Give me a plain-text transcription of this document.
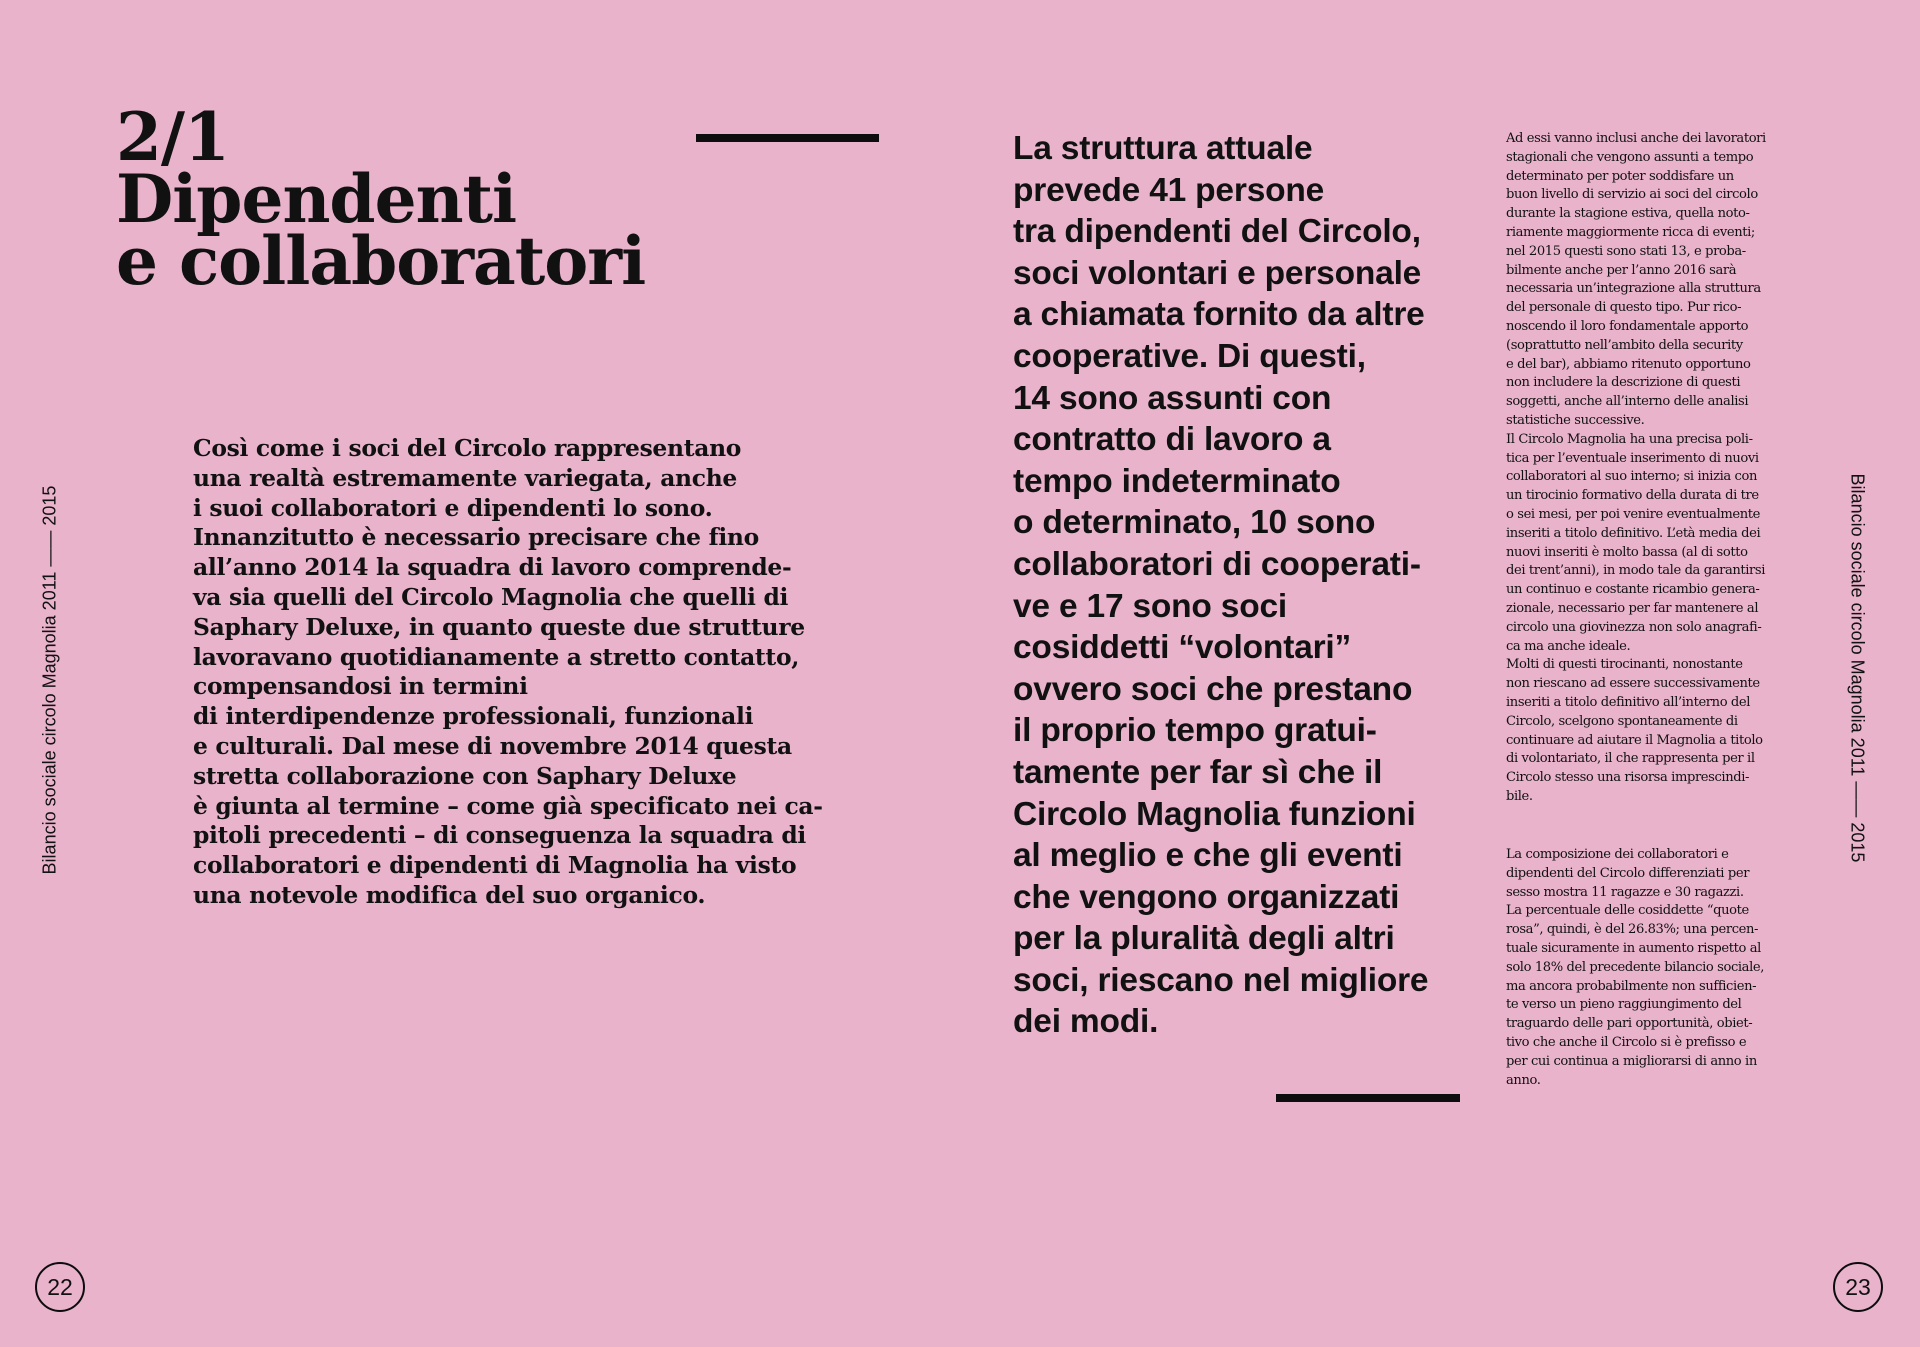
2/1
Dipendenti
e collaboratori

Così come i soci del Circolo rappresentano
una realtà estremamente variegata, anche
i suoi collaboratori e dipendenti lo sono.
Innanzitutto è necessario precisare che fino
all’anno 2014 la squadra di lavoro comprende-
va sia quelli del Circolo Magnolia che quelli di
Saphary Deluxe, in quanto queste due strutture
lavoravano quotidianamente a stretto contatto,
compensandosi in termini
di interdipendenze professionali, funzionali
e culturali. Dal mese di novembre 2014 questa
stretta collaborazione con Saphary Deluxe
è giunta al termine – come già specificato nei ca-
pitoli precedenti – di conseguenza la squadra di
collaboratori e dipendenti di Magnolia ha visto
una notevole modifica del suo organico.

Bilancio sociale circolo Magnolia 2011 —— 2015
22

La struttura attuale
prevede 41 persone
tra dipendenti del Circolo,
soci volontari e personale
a chiamata fornito da altre
cooperative. Di questi,
14 sono assunti con
contratto di lavoro a
tempo indeterminato
o determinato, 10 sono
collaboratori di cooperati-
ve e 17 sono soci
cosiddetti “volontari”
ovvero soci che prestano
il proprio tempo gratui-
tamente per far sì che il
Circolo Magnolia funzioni
al meglio e che gli eventi
che vengono organizzati
per la pluralità degli altri
soci, riescano nel migliore
dei modi.

Ad essi vanno inclusi anche dei lavoratori
stagionali che vengono assunti a tempo
determinato per poter soddisfare un
buon livello di servizio ai soci del circolo
durante la stagione estiva, quella noto-
riamente maggiormente ricca di eventi;
nel 2015 questi sono stati 13, e proba-
bilmente anche per l’anno 2016 sarà
necessaria un’integrazione alla struttura
del personale di questo tipo. Pur rico-
noscendo il loro fondamentale apporto
(soprattutto nell’ambito della security
e del bar), abbiamo ritenuto opportuno
non includere la descrizione di questi
soggetti, anche all’interno delle analisi
statistiche successive.
Il Circolo Magnolia ha una precisa poli-
tica per l’eventuale inserimento di nuovi
collaboratori al suo interno; si inizia con
un tirocinio formativo della durata di tre
o sei mesi, per poi venire eventualmente
inseriti a titolo definitivo. L’età media dei
nuovi inseriti è molto bassa (al di sotto
dei trent’anni), in modo tale da garantirsi
un continuo e costante ricambio genera-
zionale, necessario per far mantenere al
circolo una giovinezza non solo anagrafi-
ca ma anche ideale.
Molti di questi tirocinanti, nonostante
non riescano ad essere successivamente
inseriti a titolo definitivo all’interno del
Circolo, scelgono spontaneamente di
continuare ad aiutare il Magnolia a titolo
di volontariato, il che rappresenta per il
Circolo stesso una risorsa imprescindi-
bile.

La composizione dei collaboratori e
dipendenti del Circolo differenziati per
sesso mostra 11 ragazze e 30 ragazzi.
La percentuale delle cosiddette “quote
rosa”, quindi, è del 26.83%; una percen-
tuale sicuramente in aumento rispetto al
solo 18% del precedente bilancio sociale,
ma ancora probabilmente non sufficien-
te verso un pieno raggiungimento del
traguardo delle pari opportunità, obiet-
tivo che anche il Circolo si è prefisso e
per cui continua a migliorarsi di anno in
anno.

Bilancio sociale circolo Magnolia 2011 —— 2015
23
